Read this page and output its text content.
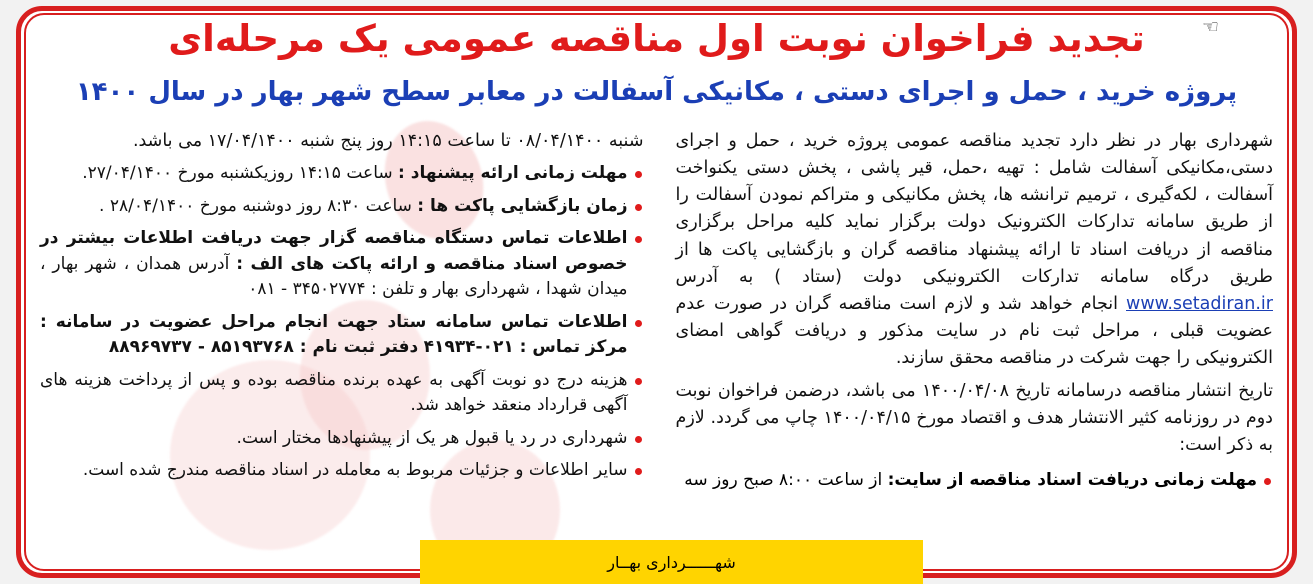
تجدید فراخوان نوبت اول مناقصه عمومی یک مرحله‌ای
پروژه خرید ، حمل و اجرای دستی ، مکانیکی آسفالت در معابر سطح شهر بهار در سال ۱۴۰۰

شهرداری بهار در نظر دارد تجدید مناقصه عمومی پروژه خرید ، حمل و اجرای دستی،مکانیکی آسفالت شامل : تهیه ،حمل، قیر پاشی ، پخش دستی یکنواخت آسفالت ، لکه‌گیری ، ترمیم ترانشه ها، پخش مکانیکی و متراکم نمودن آسفالت را از طریق سامانه تدارکات الکترونیک دولت برگزار نماید کلیه مراحل برگزاری مناقصه از دریافت اسناد تا ارائه پیشنهاد مناقصه گران و بازگشایی پاکت ها از طریق درگاه سامانه تدارکات الکترونیکی دولت (ستاد ) به آدرس www.setadiran.ir انجام خواهد شد و لازم است مناقصه گران در صورت عدم عضویت قبلی ، مراحل ثبت نام در سایت مذکور و دریافت گواهی امضای الکترونیکی را جهت شرکت در مناقصه محقق سازند.

تاریخ انتشار مناقصه درسامانه تاریخ ۱۴۰۰/۰۴/۰۸ می باشد، درضمن فراخوان نوبت دوم در روزنامه کثیر الانتشار هدف و اقتصاد مورخ ۱۴۰۰/۰۴/۱۵ چاپ می گردد. لازم به ذکر است:

مهلت زمانی دریافت اسناد مناقصه از سایت: از ساعت ۸:۰۰ صبح روز سه

شنبه ۰۸/۰۴/۱۴۰۰ تا ساعت ۱۴:۱۵ روز پنج شنبه ۱۷/۰۴/۱۴۰۰ می باشد.

مهلت زمانی ارائه پیشنهاد : ساعت ۱۴:۱۵ روزیکشنبه مورخ ۲۷/۰۴/۱۴۰۰.
زمان بازگشایی پاکت ها : ساعت ۸:۳۰ روز دوشنبه مورخ ۲۸/۰۴/۱۴۰۰ .
اطلاعات تماس دستگاه مناقصه گزار جهت دریافت اطلاعات بیشتر در خصوص اسناد مناقصه و ارائه پاکت های الف : آدرس همدان ، شهر بهار ، میدان شهدا ، شهرداری بهار و تلفن : ۳۴۵۰۲۷۷۴ - ۰۸۱
اطلاعات تماس سامانه ستاد جهت انجام مراحل عضویت در سامانه : مرکز تماس : ۰۲۱-۴۱۹۳۴ دفتر ثبت نام : ۸۵۱۹۳۷۶۸ - ۸۸۹۶۹۷۳۷
هزینه درج دو نوبت آگهی به عهده برنده مناقصه بوده و پس از پرداخت هزینه های آگهی قرارداد منعقد خواهد شد.
شهرداری در رد یا قبول هر یک از پیشنهادها مختار است.
سایر اطلاعات و جزئیات مربوط به معامله در اسناد مناقصه مندرج شده است.
شهــــــرداری بهــار
☜
